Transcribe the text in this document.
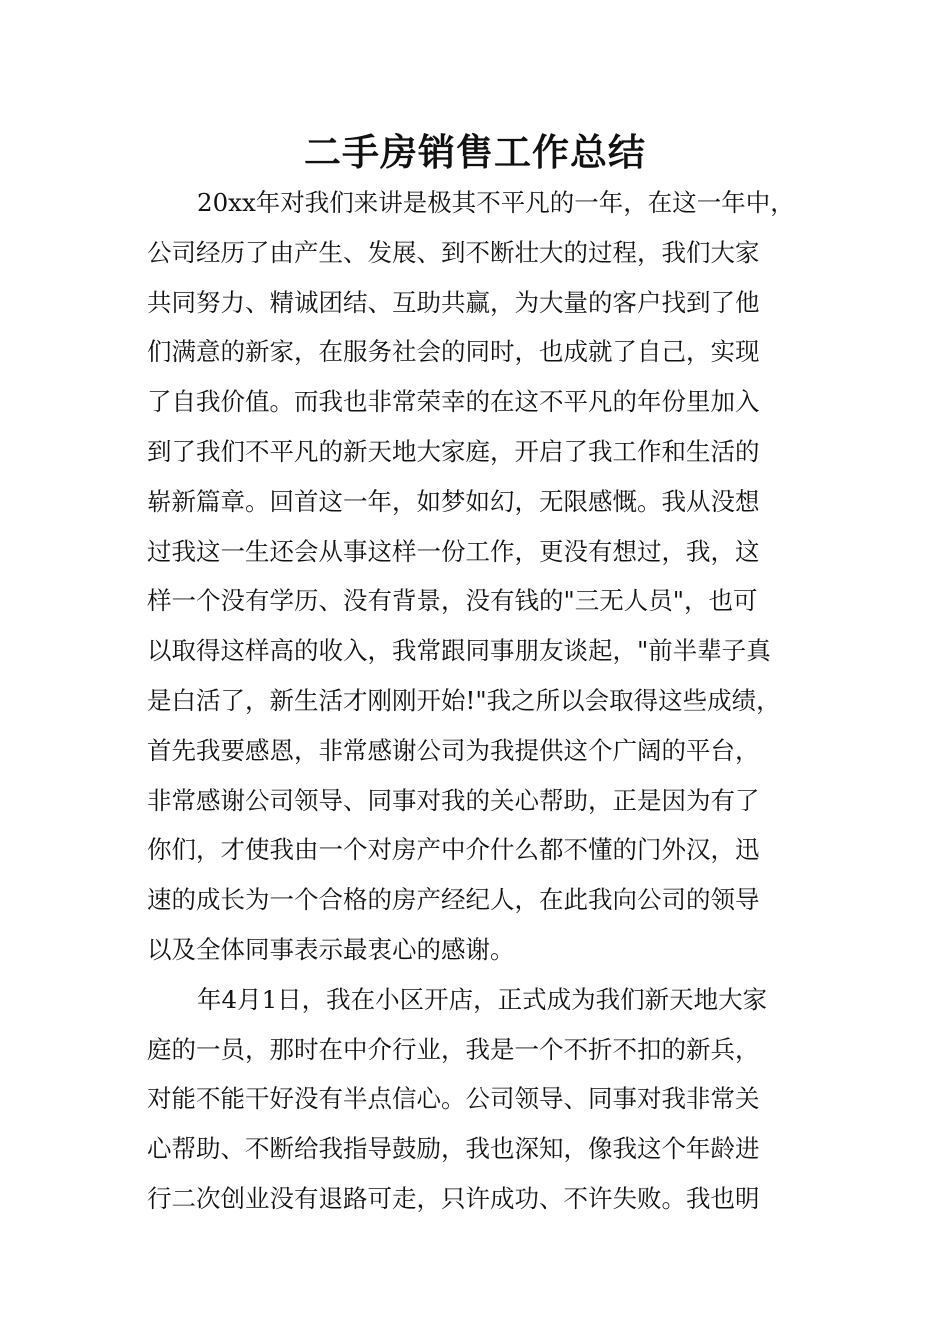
二手房销售工作总结
20xx年对我们来讲是极其不平凡的一年，在这一年中，
公司经历了由产生、发展、到不断壮大的过程，我们大家
共同努力、精诚团结、互助共赢，为大量的客户找到了他
们满意的新家，在服务社会的同时，也成就了自己，实现
了自我价值。而我也非常荣幸的在这不平凡的年份里加入
到了我们不平凡的新天地大家庭，开启了我工作和生活的
崭新篇章。回首这一年，如梦如幻，无限感慨。我从没想
过我这一生还会从事这样一份工作，更没有想过，我，这
样一个没有学历、没有背景，没有钱的"三无人员"，也可
以取得这样高的收入，我常跟同事朋友谈起，"前半辈子真
是白活了，新生活才刚刚开始!"我之所以会取得这些成绩，
首先我要感恩，非常感谢公司为我提供这个广阔的平台，
非常感谢公司领导、同事对我的关心帮助，正是因为有了
你们，才使我由一个对房产中介什么都不懂的门外汉，迅
速的成长为一个合格的房产经纪人，在此我向公司的领导
以及全体同事表示最衷心的感谢。
年4月1日，我在小区开店，正式成为我们新天地大家
庭的一员，那时在中介行业，我是一个不折不扣的新兵，
对能不能干好没有半点信心。公司领导、同事对我非常关
心帮助、不断给我指导鼓励，我也深知，像我这个年龄进
行二次创业没有退路可走，只许成功、不许失败。我也明
